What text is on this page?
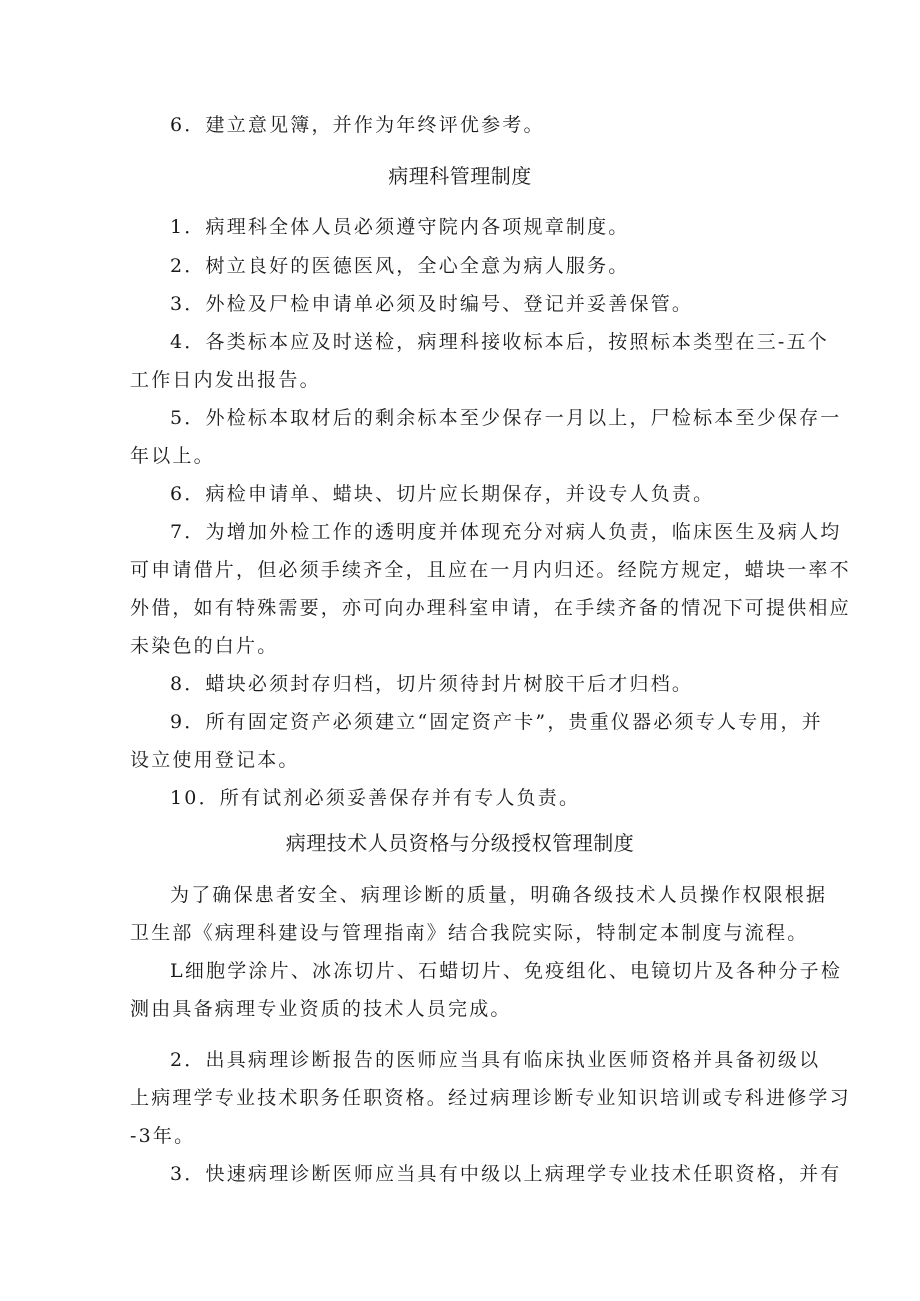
6．建立意见簿，并作为年终评优参考。
病理科管理制度
1．病理科全体人员必须遵守院内各项规章制度。
2．树立良好的医德医风，全心全意为病人服务。
3．外检及尸检申请单必须及时编号、登记并妥善保管。
4．各类标本应及时送检，病理科接收标本后，按照标本类型在三-五个
工作日内发出报告。
5．外检标本取材后的剩余标本至少保存一月以上，尸检标本至少保存一
年以上。
6．病检申请单、蜡块、切片应长期保存，并设专人负责。
7．为增加外检工作的透明度并体现充分对病人负责，临床医生及病人均
可申请借片，但必须手续齐全，且应在一月内归还。经院方规定，蜡块一率不
外借，如有特殊需要，亦可向办理科室申请，在手续齐备的情况下可提供相应
未染色的白片。
8．蜡块必须封存归档，切片须待封片树胶干后才归档。
9．所有固定资产必须建立“固定资产卡”，贵重仪器必须专人专用，并
设立使用登记本。
10．所有试剂必须妥善保存并有专人负责。
病理技术人员资格与分级授权管理制度
为了确保患者安全、病理诊断的质量，明确各级技术人员操作权限根据
卫生部《病理科建设与管理指南》结合我院实际，特制定本制度与流程。
L细胞学涂片、冰冻切片、石蜡切片、免疫组化、电镜切片及各种分子检
测由具备病理专业资质的技术人员完成。
2．出具病理诊断报告的医师应当具有临床执业医师资格并具备初级以
上病理学专业技术职务任职资格。经过病理诊断专业知识培训或专科进修学习
-3年。
3．快速病理诊断医师应当具有中级以上病理学专业技术任职资格，并有
